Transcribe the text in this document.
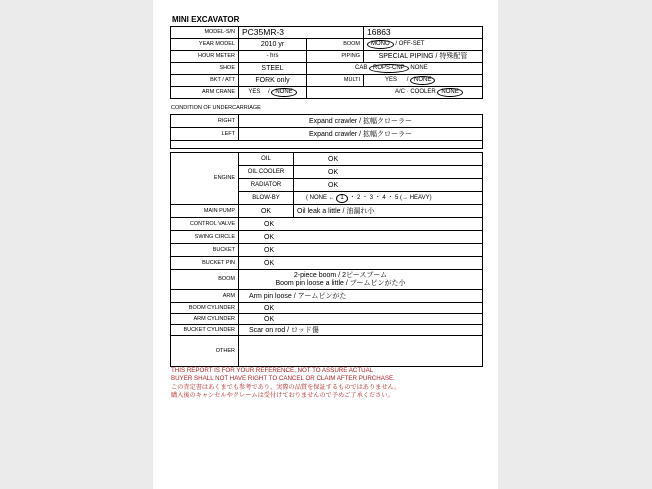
MINI EXCAVATOR
MODEL-S/N	PC35MR-3		16863
YEAR MODEL	2010 yr	BOOM	MONO / OFF-SET
HOUR METER	- hrs	PIPING	SPECIAL PIPING / 特殊配管
SHOE	STEEL	CAB ROPS-CNP NONE	
BKT / ATT	FORK only	MULTI	YES / NONE
ARM CRANE	YES / NONE	A/C · COOLER NONE	
CONDITION OF UNDERCARRIAGE
RIGHT	Expand crawler / 拡幅クローラー
LEFT	Expand crawler / 拡幅クローラー

ENGINE	OIL	OK
	OIL COOLER	OK
	RADIATOR	OK
	BLOW-BY	( NONE ← 1 ・ 2 ・ 3 ・ 4 ・ 5 (→ HEAVY)
MAIN PUMP	OK	Oil leak a little / 油漏れ小
CONTROL VALVE	OK	
SWING CIRCLE	OK	
BUCKET	OK	
BUCKET PIN	OK	
BOOM	2-piece boom / 2ピースブーム
Boom pin loose a little / ブームピンがた小	

ARM	Arm pin loose / アームピンがた	
BOOM CYLINDER	OK	
ARM CYLINDER	OK	
BUCKET CYLINDER	Scar on rod / ロッド傷	
OTHER		
THIS REPORT IS FOR YOUR REFERENCE, NOT TO ASSURE ACTUAL
BUYER SHALL NOT HAVE RIGHT TO CANCEL OR CLAIM AFTER PURCHASE.
この査定書はあくまでも参考であり、実際の品質を保証するものではありません。
購入後のキャンセルやクレームは受付けておりませんので予めご了承ください。
